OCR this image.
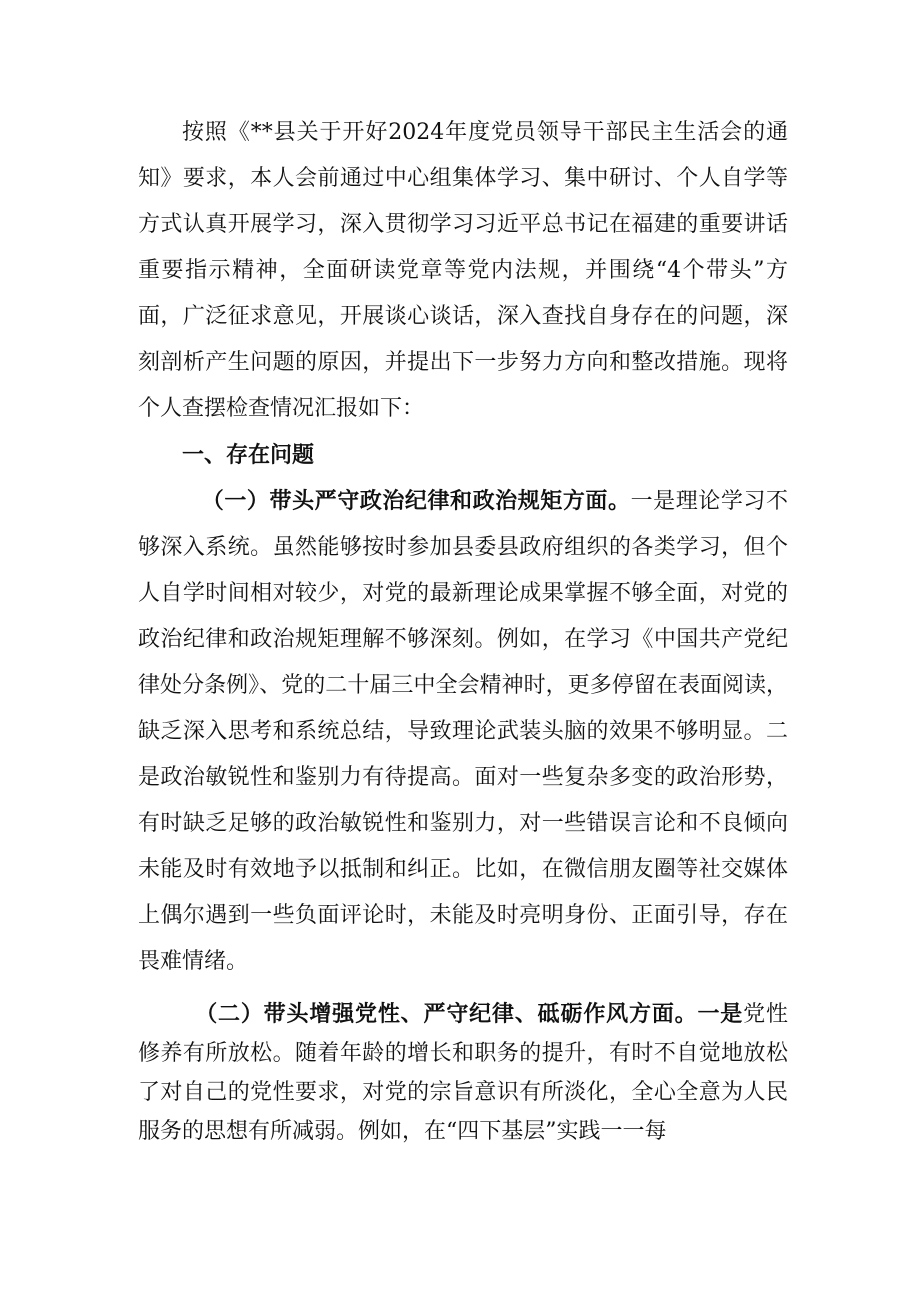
按照《**县关于开好2024年度党员领导干部民主生活会的通知》要求，本人会前通过中心组集体学习、集中研讨、个人自学等方式认真开展学习，深入贯彻学习习近平总书记在福建的重要讲话重要指示精神，全面研读党章等党内法规，并围绕“4个带头”方面，广泛征求意见，开展谈心谈话，深入查找自身存在的问题，深刻剖析产生问题的原因，并提出下一步努力方向和整改措施。现将个人查摆检查情况汇报如下：

一、存在问题

（一）带头严守政治纪律和政治规矩方面。一是理论学习不够深入系统。虽然能够按时参加县委县政府组织的各类学习，但个人自学时间相对较少，对党的最新理论成果掌握不够全面，对党的政治纪律和政治规矩理解不够深刻。例如，在学习《中国共产党纪律处分条例》、党的二十届三中全会精神时，更多停留在表面阅读，缺乏深入思考和系统总结，导致理论武装头脑的效果不够明显。二是政治敏锐性和鉴别力有待提高。面对一些复杂多变的政治形势，有时缺乏足够的政治敏锐性和鉴别力，对一些错误言论和不良倾向未能及时有效地予以抵制和纠正。比如，在微信朋友圈等社交媒体上偶尔遇到一些负面评论时，未能及时亮明身份、正面引导，存在畏难情绪。

（二）带头增强党性、严守纪律、砥砺作风方面。一是党性修养有所放松。随着年龄的增长和职务的提升，有时不自觉地放松了对自己的党性要求，对党的宗旨意识有所淡化，全心全意为人民服务的思想有所减弱。例如，在“四下基层”实践一一每
